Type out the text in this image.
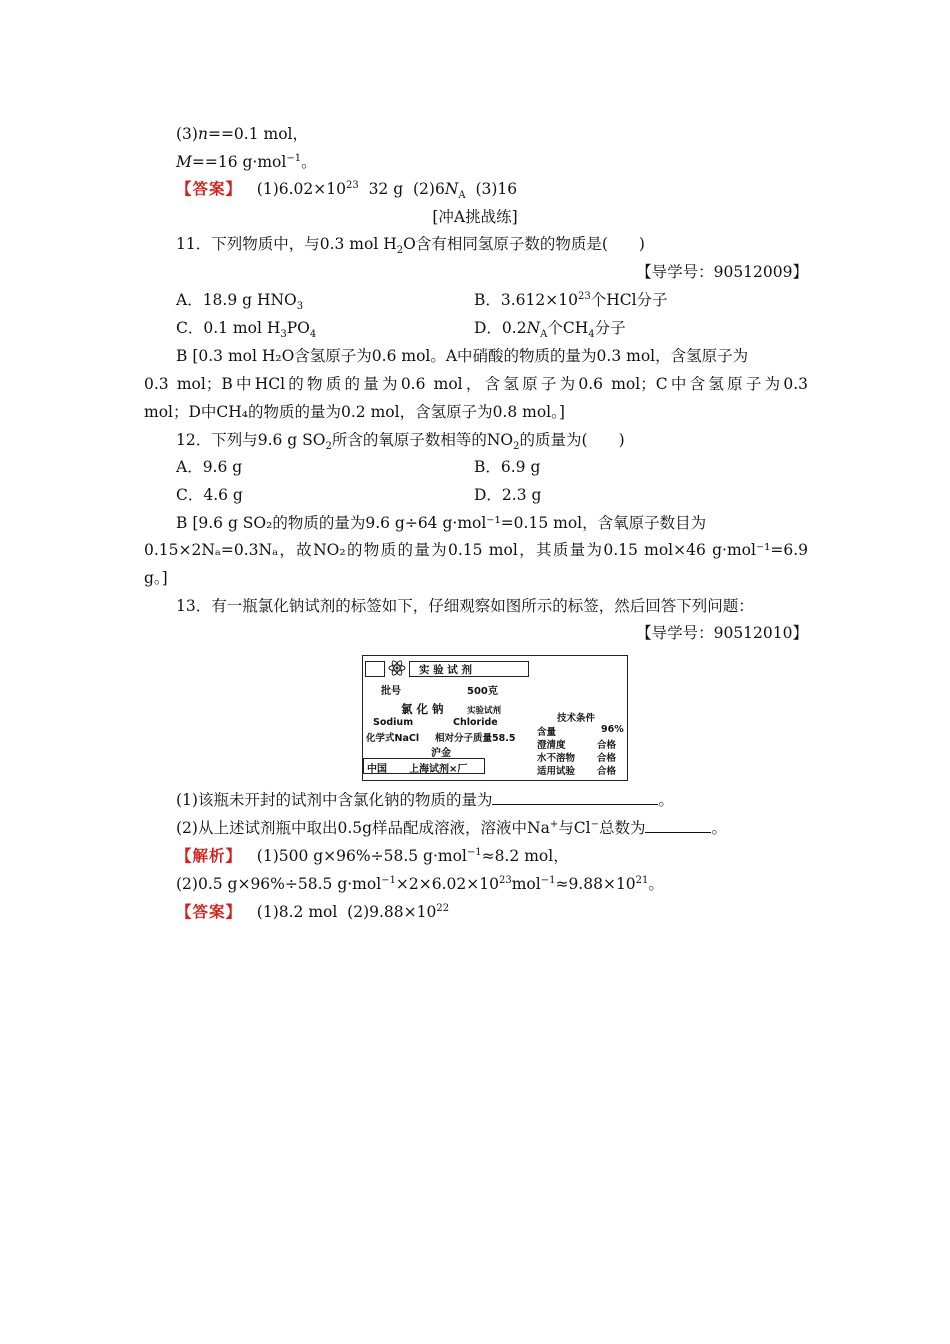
(3)n==0.1 mol，
M==16 g·mol$^{-1}$。
【答案】 $(1)6.02\times 10^{23}$  32 g  $(2)6N_A$  (3)16
[冲A挑战练]
11．下列物质中，与0.3 mol $H_2O$含有相同氢原子数的物质是(　　)
【导学号：90512009】
A．18.9 g $HNO_3$	B．$3.612\times 10^{23}$个HCl分子
C．0.1 mol $H_3PO_4$	D．$0.2N_A$个$CH_4$分子
B [0.3 mol H₂O含氢原子为0.6 mol。A中硝酸的物质的量为0.3 mol，含氢原子为
0.3 mol；B中HCl的物质的量为0.6 mol，含氢原子为0.6 mol；C中含氢原子为0.3
mol；D中CH₄的物质的量为0.2 mol，含氢原子为0.8 mol。]
12．下列与9.6 g $SO_2$所含的氧原子数相等的$NO_2$的质量为(　　)
A．9.6 g	B．6.9 g
C．4.6 g	D．2.3 g
B [9.6 g SO₂的物质的量为9.6 g÷64 g·mol⁻¹=0.15 mol，含氧原子数目为
0.15×2Nₐ=0.3Nₐ，故NO₂的物质的量为0.15 mol，其质量为0.15 mol×46 g·mol⁻¹=6.9
g。]
13．有一瓶氯化钠试剂的标签如下，仔细观察如图所示的标签，然后回答下列问题：
【导学号：90512010】
实 验 试 剂
批号	500克
氯 化 钠	实验试剂
Sodium	Chloride
化学式NaCl 相对分子质量58.5
沪金
中国 上海试剂×厂
技术条件
含量	96%
澄清度	合格
水不溶物 合格
适用试验 合格
(1)该瓶未开封的试剂中含氯化钠的物质的量为	。
(2)从上述试剂瓶中取出0.5g样品配成溶液，溶液中Na+与Cl−总数为	。
【解析】 (1)500 g×96%÷58.5 g·mol$^{-1}$≈8.2 mol，
(2)0.5 g×96%÷58.5 $g\cdot mol^{-1}\times 2\times 6.02\times 10^{23}mol^{-1}\approx 9.88\times 10^{21}$。
【答案】 (1)8.2 mol  $(2)9.88\times 10^{22}$
